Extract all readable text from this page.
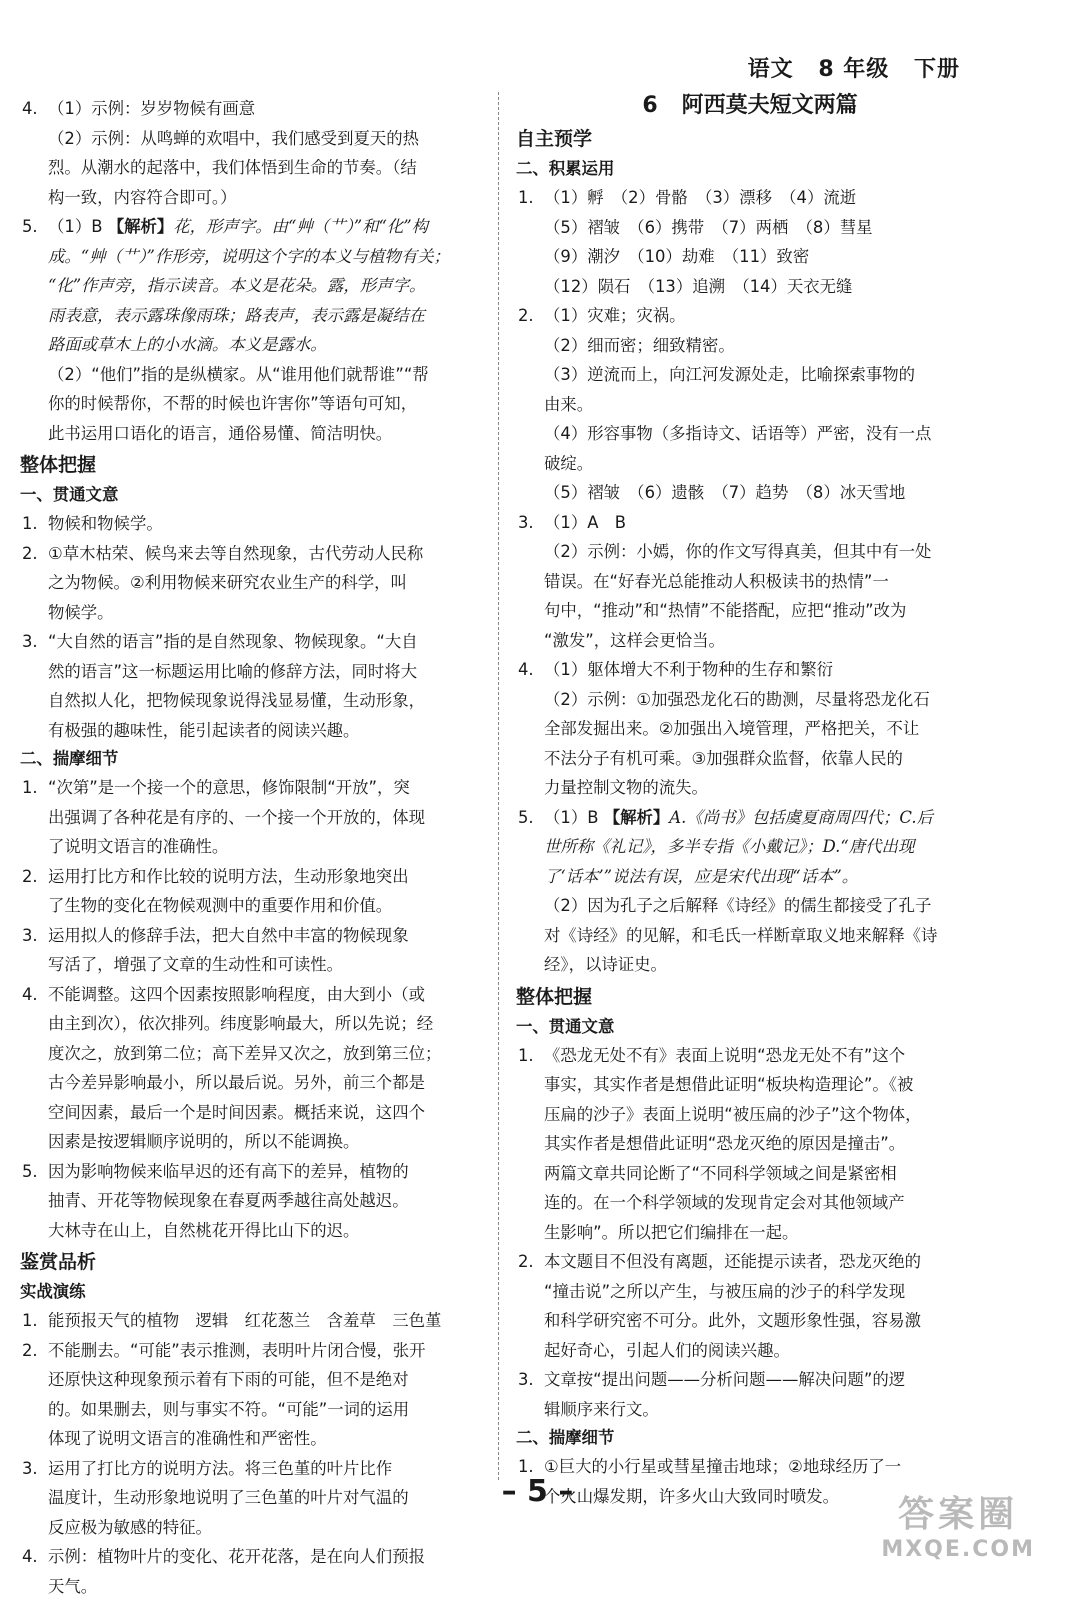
语文 8 年级 下册
4. （1）示例：岁岁物候有画意
（2）示例：从鸣蝉的欢唱中，我们感受到夏天的热
烈。从潮水的起落中，我们体悟到生命的节奏。（结
构一致，内容符合即可。）
5. （1）B 【解析】花，形声字。由“艸（艹）”和“化”构
成。“艸（艹）”作形旁，说明这个字的本义与植物有关；
“化”作声旁，指示读音。本义是花朵。露，形声字。
雨表意，表示露珠像雨珠；路表声，表示露是凝结在
路面或草木上的小水滴。本义是露水。
（2）“他们”指的是纵横家。从“谁用他们就帮谁”“帮
你的时候帮你，不帮的时候也许害你”等语句可知，
此书运用口语化的语言，通俗易懂、简洁明快。
整体把握
一、贯通文意
1. 物候和物候学。
2. ①草木枯荣、候鸟来去等自然现象，古代劳动人民称
之为物候。②利用物候来研究农业生产的科学，叫
物候学。
3. “大自然的语言”指的是自然现象、物候现象。“大自
然的语言”这一标题运用比喻的修辞方法，同时将大
自然拟人化，把物候现象说得浅显易懂，生动形象，
有极强的趣味性，能引起读者的阅读兴趣。
二、揣摩细节
1. “次第”是一个接一个的意思，修饰限制“开放”，突
出强调了各种花是有序的、一个接一个开放的，体现
了说明文语言的准确性。
2. 运用打比方和作比较的说明方法，生动形象地突出
了生物的变化在物候观测中的重要作用和价值。
3. 运用拟人的修辞手法，把大自然中丰富的物候现象
写活了，增强了文章的生动性和可读性。
4. 不能调整。这四个因素按照影响程度，由大到小（或
由主到次），依次排列。纬度影响最大，所以先说；经
度次之，放到第二位；高下差异又次之，放到第三位；
古今差异影响最小，所以最后说。另外，前三个都是
空间因素，最后一个是时间因素。概括来说，这四个
因素是按逻辑顺序说明的，所以不能调换。
5. 因为影响物候来临早迟的还有高下的差异，植物的
抽青、开花等物候现象在春夏两季越往高处越迟。
大林寺在山上，自然桃花开得比山下的迟。
鉴赏品析
实战演练
1. 能预报天气的植物　逻辑　红花葱兰　含羞草　三色堇
2. 不能删去。“可能”表示推测，表明叶片闭合慢，张开
还原快这种现象预示着有下雨的可能，但不是绝对
的。如果删去，则与事实不符。“可能”一词的运用
体现了说明文语言的准确性和严密性。
3. 运用了打比方的说明方法。将三色堇的叶片比作
温度计，生动形象地说明了三色堇的叶片对气温的
反应极为敏感的特征。
4. 示例：植物叶片的变化、花开花落，是在向人们预报
天气。
6 阿西莫夫短文两篇
自主预学
二、积累运用
1. （1）孵　（2）骨骼　（3）漂移　（4）流逝
（5）褶皱　（6）携带　（7）两栖　（8）彗星
（9）潮汐　（10）劫难　（11）致密
（12）陨石　（13）追溯　（14）天衣无缝
2. （1）灾难；灾祸。
（2）细而密；细致精密。
（3）逆流而上，向江河发源处走，比喻探索事物的
由来。
（4）形容事物（多指诗文、话语等）严密，没有一点
破绽。
（5）褶皱　（6）遗骸　（7）趋势　（8）冰天雪地
3. （1）A　B
（2）示例：小嫣，你的作文写得真美，但其中有一处
错误。在“好春光总能推动人积极读书的热情”一
句中，“推动”和“热情”不能搭配，应把“推动”改为
“激发”，这样会更恰当。
4. （1）躯体增大不利于物种的生存和繁衍
（2）示例：①加强恐龙化石的勘测，尽量将恐龙化石
全部发掘出来。②加强出入境管理，严格把关，不让
不法分子有机可乘。③加强群众监督，依靠人民的
力量控制文物的流失。
5. （1）B 【解析】A.《尚书》包括虞夏商周四代；C.后
世所称《礼记》，多半专指《小戴记》；D.“唐代出现
了‘话本’”说法有误，应是宋代出现“话本”。
（2）因为孔子之后解释《诗经》的儒生都接受了孔子
对《诗经》的见解，和毛氏一样断章取义地来解释《诗
经》，以诗证史。
整体把握
一、贯通文意
1. 《恐龙无处不有》表面上说明“恐龙无处不有”这个
事实，其实作者是想借此证明“板块构造理论”。《被
压扁的沙子》表面上说明“被压扁的沙子”这个物体，
其实作者是想借此证明“恐龙灭绝的原因是撞击”。
两篇文章共同论断了“不同科学领域之间是紧密相
连的。在一个科学领域的发现肯定会对其他领域产
生影响”。所以把它们编排在一起。
2. 本文题目不但没有离题，还能提示读者，恐龙灭绝的
“撞击说”之所以产生，与被压扁的沙子的科学发现
和科学研究密不可分。此外，文题形象性强，容易激
起好奇心，引起人们的阅读兴趣。
3. 文章按“提出问题——分析问题——解决问题”的逻
辑顺序来行文。
二、揣摩细节
1. ①巨大的小行星或彗星撞击地球；②地球经历了一
个火山爆发期，许多火山大致同时喷发。
– 5 –
答案圈
MXQE.COM
